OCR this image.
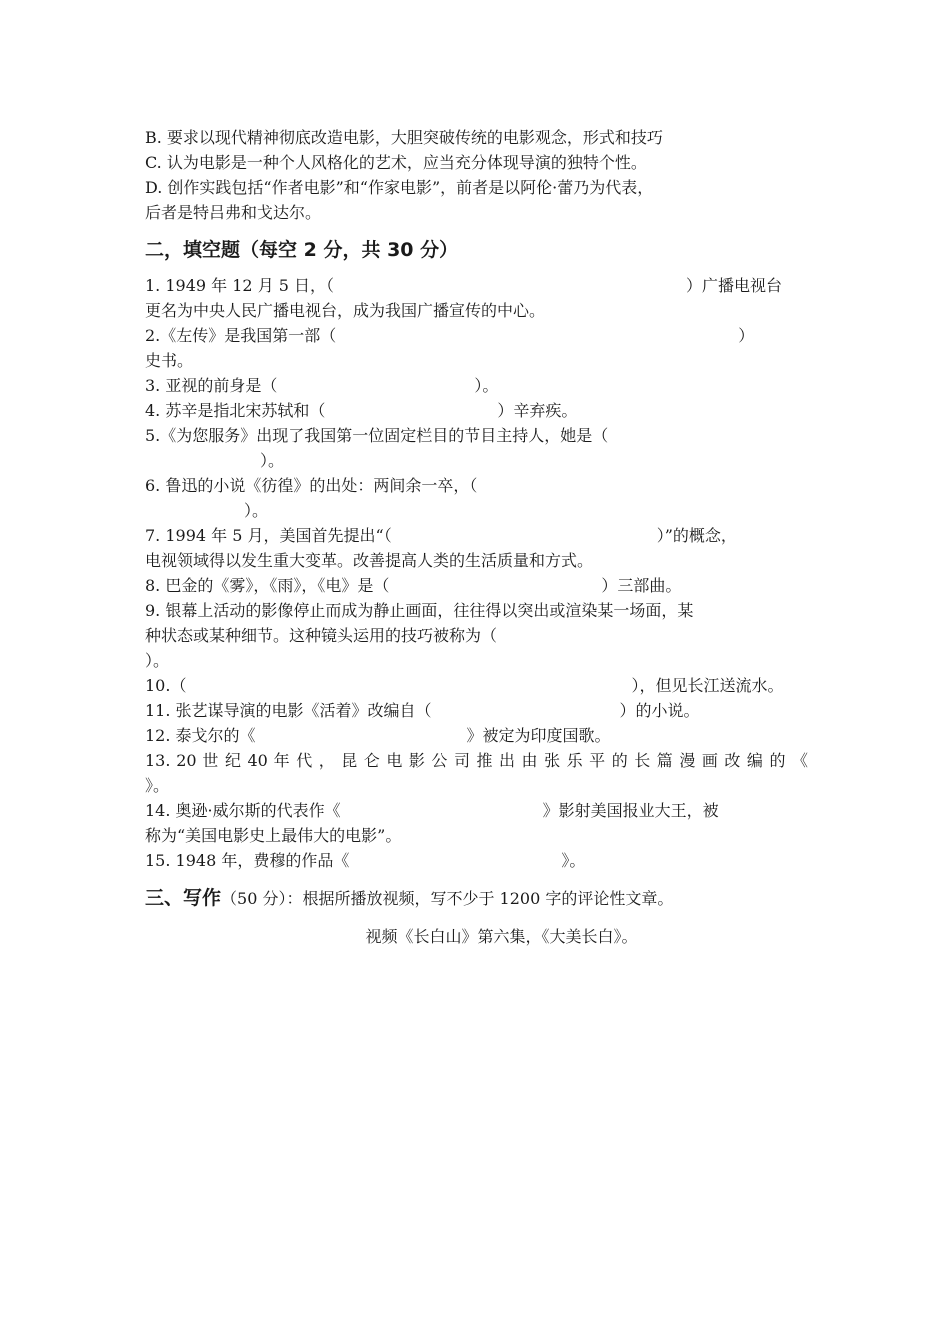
B. 要求以现代精神彻底改造电影，大胆突破传统的电影观念，形式和技巧
C. 认为电影是一种个人风格化的艺术，应当充分体现导演的独特个性。
D. 创作实践包括“作者电影”和“作家电影”，前者是以阿伦·蕾乃为代表，
后者是特吕弗和戈达尔。
二，填空题（每空 2 分，共 30 分）
1. 1949 年 12 月 5 日，（	）广播电视台
更名为中央人民广播电视台，成为我国广播宣传的中心。
2.《左传》是我国第一部（	）
史书。
3. 亚视的前身是（	）。
4. 苏辛是指北宋苏轼和（	）辛弃疾。
5.《为您服务》出现了我国第一位固定栏目的节目主持人，她是（
）。
6. 鲁迅的小说《彷徨》的出处：两间余一卒，（
）。
7. 1994 年 5 月，美国首先提出“（	）”的概念，
电视领域得以发生重大变革。改善提高人类的生活质量和方式。
8. 巴金的《雾》，《雨》，《电》是（	）三部曲。
9. 银幕上活动的影像停止而成为静止画面，往往得以突出或渲染某一场面，某
种状态或某种细节。这种镜头运用的技巧被称为（
）。
10.（	），但见长江送流水。
11. 张艺谋导演的电影《活着》改编自（	）的小说。
12. 泰戈尔的《	》被定为印度国歌。
13. 20 世 纪 40 年 代 ， 昆 仑 电 影 公 司 推 出 由 张 乐 平 的 长 篇 漫 画 改 编 的 《
》。
14. 奥逊·威尔斯的代表作《	》影射美国报业大王，被
称为“美国电影史上最伟大的电影”。
15. 1948 年，费穆的作品《	》。
三、写作（50 分）：根据所播放视频，写不少于 1200 字的评论性文章。
视频《长白山》第六集，《大美长白》。
